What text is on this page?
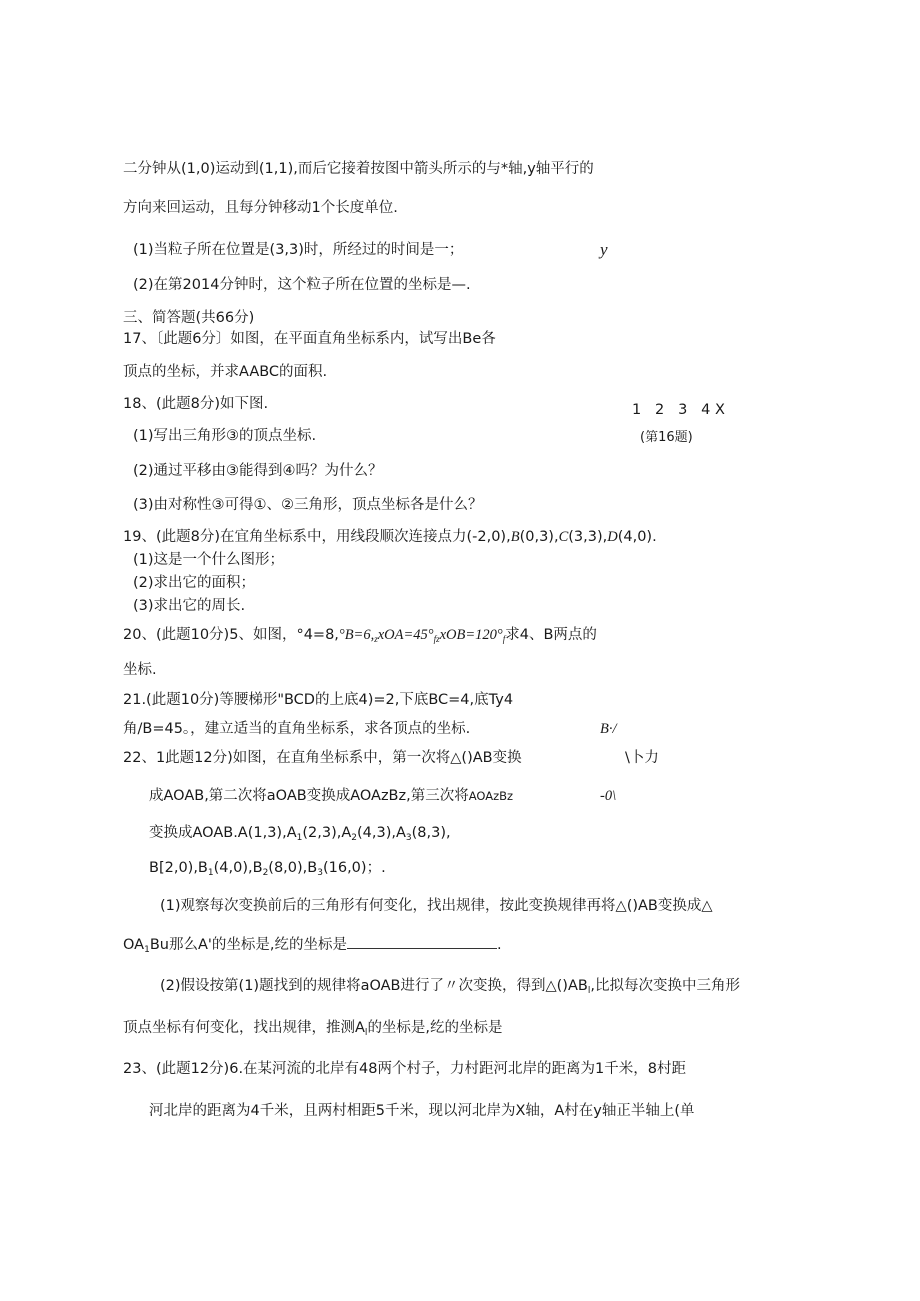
二分钟从(1,0)运动到(1,1),而后它接着按图中箭头所示的与*轴,y轴平行的
方向来回运动，且每分钟移动1个长度单位.
(1)当粒子所在位置是(3,3)时，所经过的时间是一；	y
(2)在第2014分钟时，这个粒子所在位置的坐标是—.
三、简答题(共66分)
17、〔此题6分〕如图，在平面直角坐标系内，试写出Be各
顶点的坐标，并求AABC的面积.
18、(此题8分)如下图.	1   2   3   4 X
(第16题)
(1)写出三角形③的顶点坐标.
(2)通过平移由③能得到④吗？为什么？
(3)由对称性③可得①、②三角形，顶点坐标各是什么？
19、(此题8分)在宜角坐标系中，用线段顺次连接点力(-2,0),B(0,3),C(3,3),D(4,0).
(1)这是一个什么图形；
(2)求出它的面积；
(3)求出它的周长.
20、(此题10分)5、如图，$^\circ 4=8,^\circ B=6,_zxOA=45^\circ_{fz}xOB=120^\circ_f$求4、B两点的
坐标.
21.(此题10分)等腰梯形"BCD的上底4)=2,下底BC=4,底Ty4
角/B=45。，建立适当的直角坐标系，求各顶点的坐标.	B·/
22、1此题12分)如图，在直角坐标系中，第一次将△()AB变换	\卜力
成AOAB,第二次将aOAB变换成AOAzBz,第三次将AOAzBz	-0\
变换成$AOAB.A(1,3),A_1(2,3),A_2(4,3),A_3(8,3)$,
$B[2,0),B_1(4,0),B_2(8,0),B_3(16,0)$；.
(1)观察每次变换前后的三角形有何变化，找出规律，按此变换规律再将△()AB变换成△
$OA_1Bu$那么A'的坐标是,纥的坐标是	.
(2)假设按第(1)题找到的规律将aOAB进行了〃次变换，得到$\triangle()AB_l$,比拟每次变换中三角形
顶点坐标有何变化，找出规律，推测$A_l$的坐标是,纥的坐标是
23、(此题12分)6.在某河流的北岸有48两个村子，力村距河北岸的距离为1千米，8村距
河北岸的距离为4千米，且两村相距5千米，现以河北岸为X轴，A村在y轴正半轴上(单
